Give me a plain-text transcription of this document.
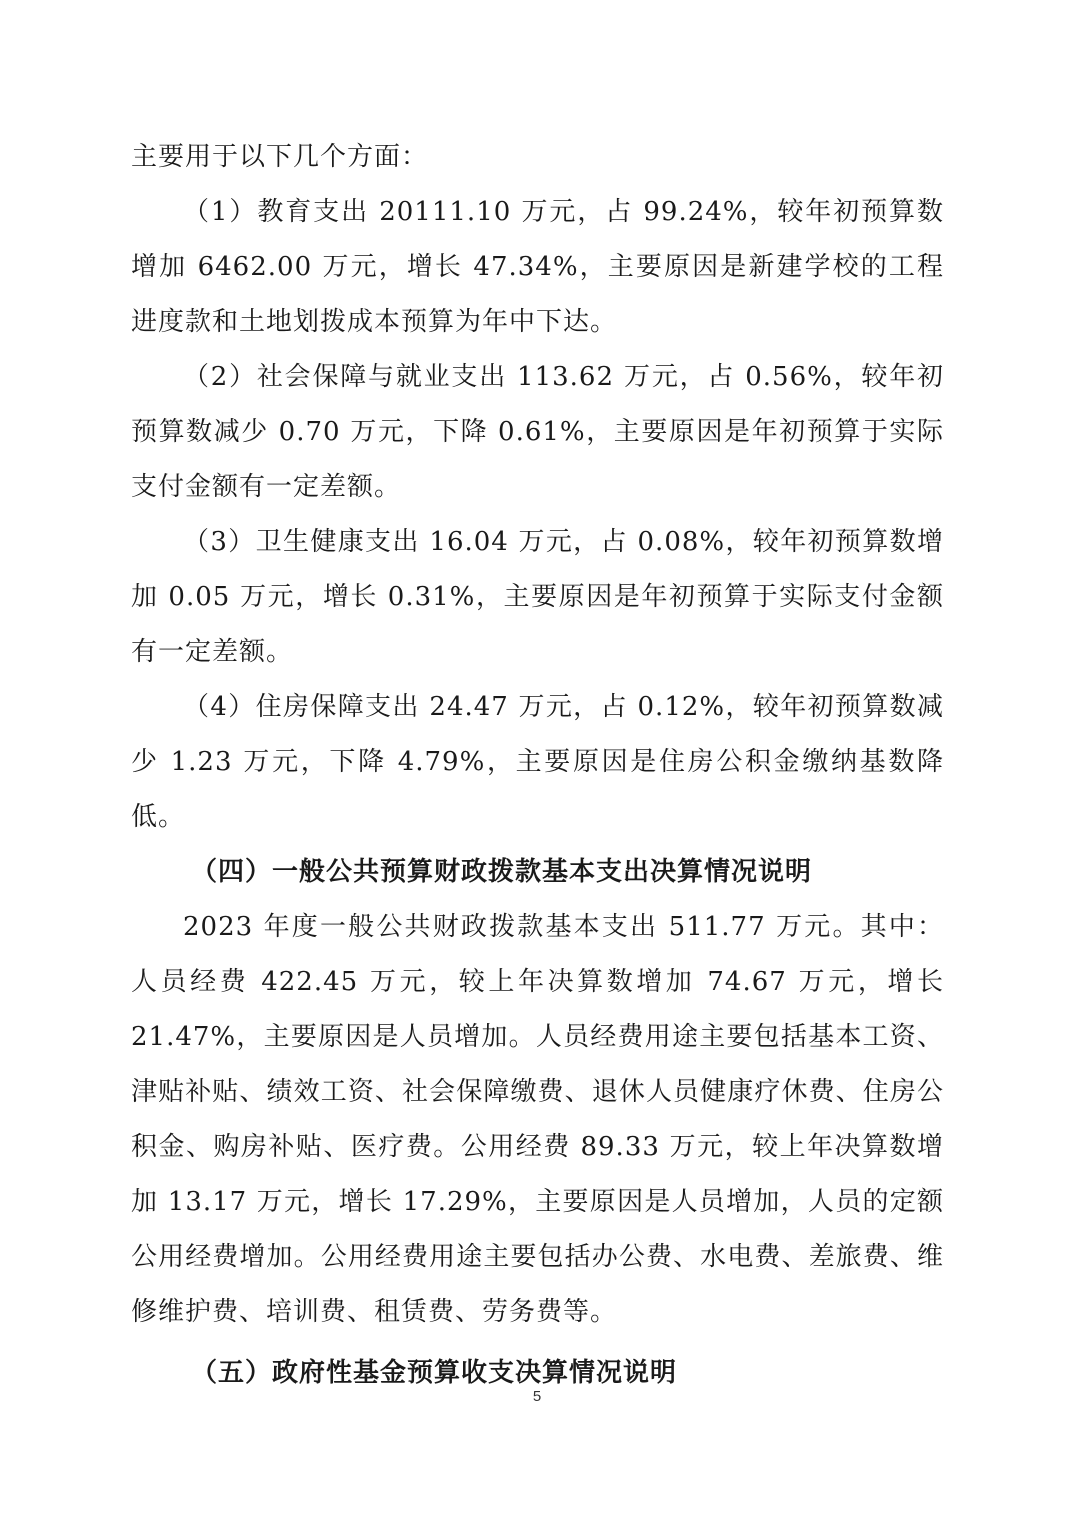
主要用于以下几个方面：

（1）教育支出 20111.10 万元，占 99.24%，较年初预算数增加 6462.00 万元，增长 47.34%，主要原因是新建学校的工程进度款和土地划拨成本预算为年中下达。

（2）社会保障与就业支出 113.62 万元，占 0.56%，较年初预算数减少 0.70 万元，下降 0.61%，主要原因是年初预算于实际支付金额有一定差额。

（3）卫生健康支出 16.04 万元，占 0.08%，较年初预算数增加 0.05 万元，增长 0.31%，主要原因是年初预算于实际支付金额有一定差额。

（4）住房保障支出 24.47 万元，占 0.12%，较年初预算数减少 1.23 万元，下降 4.79%，主要原因是住房公积金缴纳基数降低。

（四）一般公共预算财政拨款基本支出决算情况说明

2023 年度一般公共财政拨款基本支出 511.77 万元。其中：人员经费 422.45 万元，较上年决算数增加 74.67 万元，增长 21.47%，主要原因是人员增加。人员经费用途主要包括基本工资、津贴补贴、绩效工资、社会保障缴费、退休人员健康疗休费、住房公积金、购房补贴、医疗费。公用经费 89.33 万元，较上年决算数增加 13.17 万元，增长 17.29%，主要原因是人员增加，人员的定额公用经费增加。公用经费用途主要包括办公费、水电费、差旅费、维修维护费、培训费、租赁费、劳务费等。

（五）政府性基金预算收支决算情况说明

5
